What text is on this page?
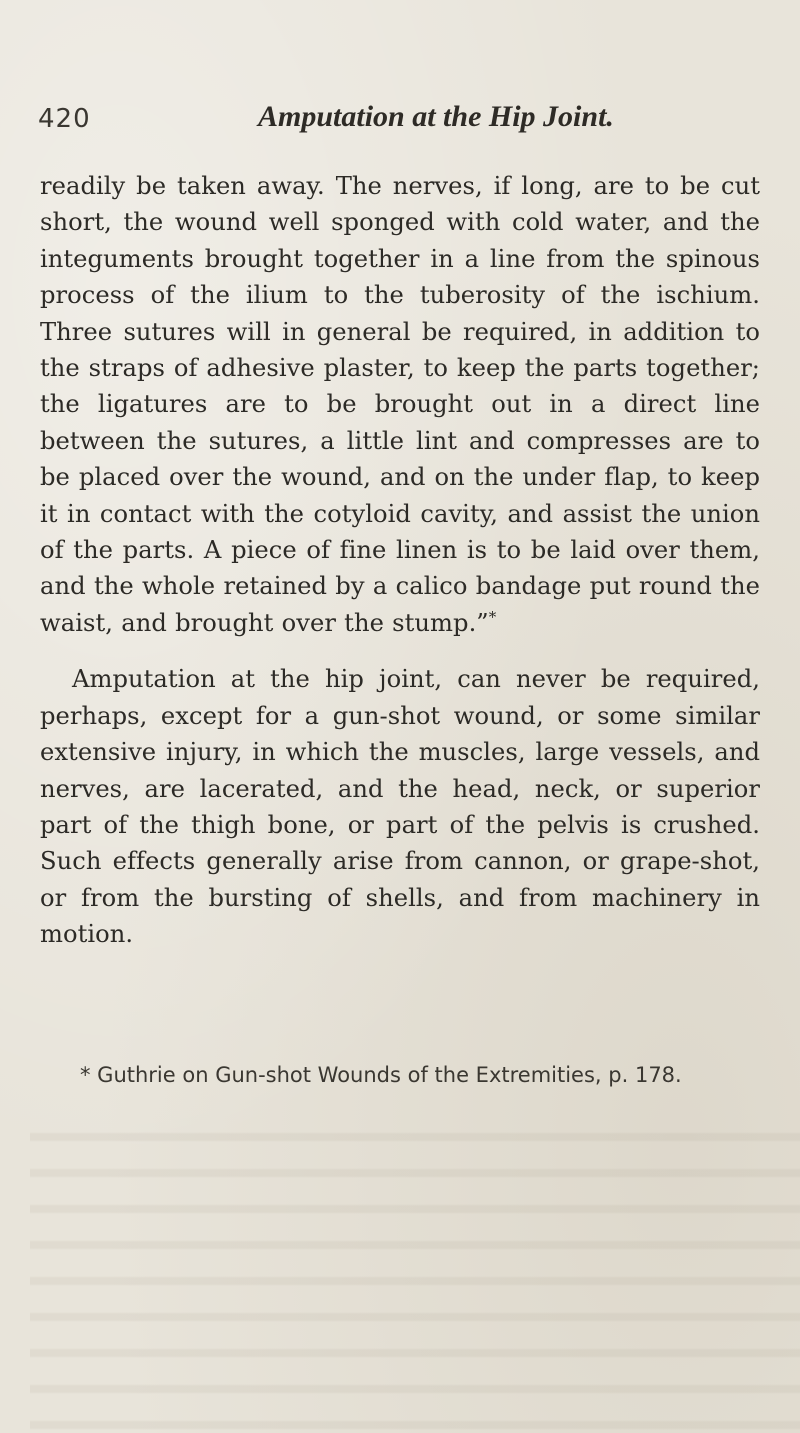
420	Amputation at the Hip Joint.

readily be taken away. The nerves, if long, are to be cut short, the wound well sponged with cold water, and the integuments brought together in a line from the spinous process of the ilium to the tuberosity of the ischium. Three sutures will in general be required, in addition to the straps of adhesive plaster, to keep the parts together; the ligatures are to be brought out in a direct line between the sutures, a little lint and compresses are to be placed over the wound, and on the under flap, to keep it in contact with the cotyloid cavity, and assist the union of the parts. A piece of fine linen is to be laid over them, and the whole retained by a calico bandage put round the waist, and brought over the stump.”*

Amputation at the hip joint, can never be required, perhaps, except for a gun-shot wound, or some similar extensive injury, in which the muscles, large vessels, and nerves, are lacerated, and the head, neck, or superior part of the thigh bone, or part of the pelvis is crushed. Such effects generally arise from cannon, or grape-shot, or from the bursting of shells, and from machinery in motion.

* Guthrie on Gun-shot Wounds of the Extremities, p. 178.
